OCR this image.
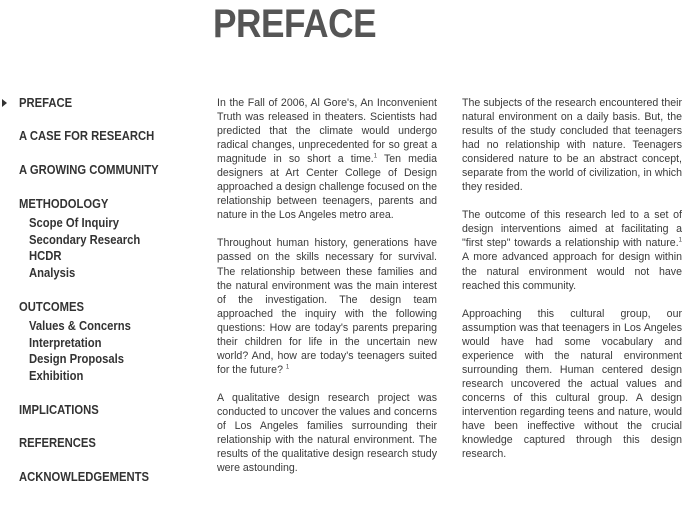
PREFACE
PREFACE
A CASE FOR RESEARCH
A GROWING COMMUNITY
METHODOLOGY
Scope Of Inquiry
Secondary Research
HCDR
Analysis
OUTCOMES
Values & Concerns
Interpretation
Design Proposals
Exhibition
IMPLICATIONS
REFERENCES
ACKNOWLEDGEMENTS

In the Fall of 2006, Al Gore's, An Inconvenient Truth was released in theaters. Scientists had predicted that the climate would undergo radical changes, unprecedented for so great a magnitude in so short a time.$^1$ Ten media designers at Art Center College of Design approached a design challenge focused on the relationship between teenagers, parents and nature in the Los Angeles metro area.

Throughout human history, generations have passed on the skills necessary for survival. The relationship between these families and the natural environment was the main interest of the investigation. The design team approached the inquiry with the following questions: How are today's parents preparing their children for life in the uncertain new world? And, how are today's teenagers suited for the future? $^1$

A qualitative design research project was conducted to uncover the values and concerns of Los Angeles families surrounding their relationship with the natural environment. The results of the qualitative design research study were astounding.

The subjects of the research encountered their natural environment on a daily basis. But, the results of the study concluded that teenagers had no relationship with nature. Teenagers considered nature to be an abstract concept, separate from the world of civilization, in which they resided.

The outcome of this research led to a set of design interventions aimed at facilitating a "first step" towards a relationship with nature.$^1$ A more advanced approach for design within the natural environment would not have reached this community.

Approaching this cultural group, our assumption was that teenagers in Los Angeles would have had some vocabulary and experience with the natural environment surrounding them. Human centered design research uncovered the actual values and concerns of this cultural group. A design intervention regarding teens and nature, would have been ineffective without the crucial knowledge captured through this design research.
